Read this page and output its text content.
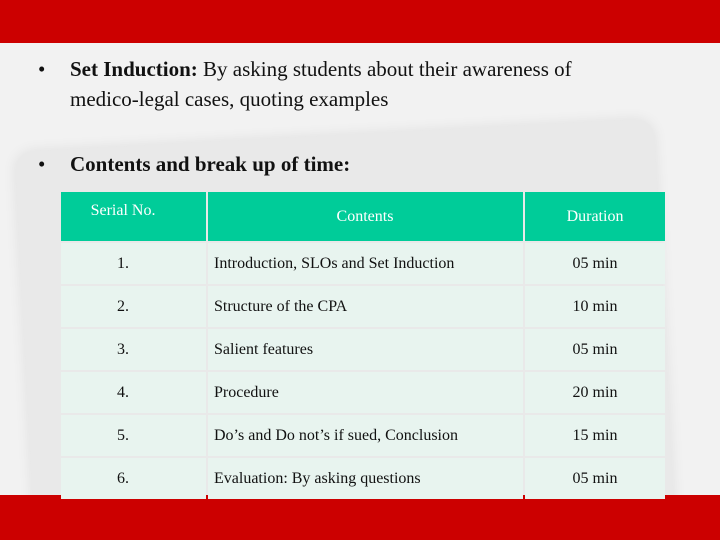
• Set Induction: By asking students about their awareness of
medico-legal cases, quoting examples
• Contents and break up of time:
Serial No.	Contents	Duration
1.	Introduction, SLOs and Set Induction	05 min
2.	Structure of the CPA	10 min
3.	Salient features	05 min
4.	Procedure	20 min
5.	Do’s and Do not’s if sued, Conclusion	15 min
6.	Evaluation: By asking questions	05 min
